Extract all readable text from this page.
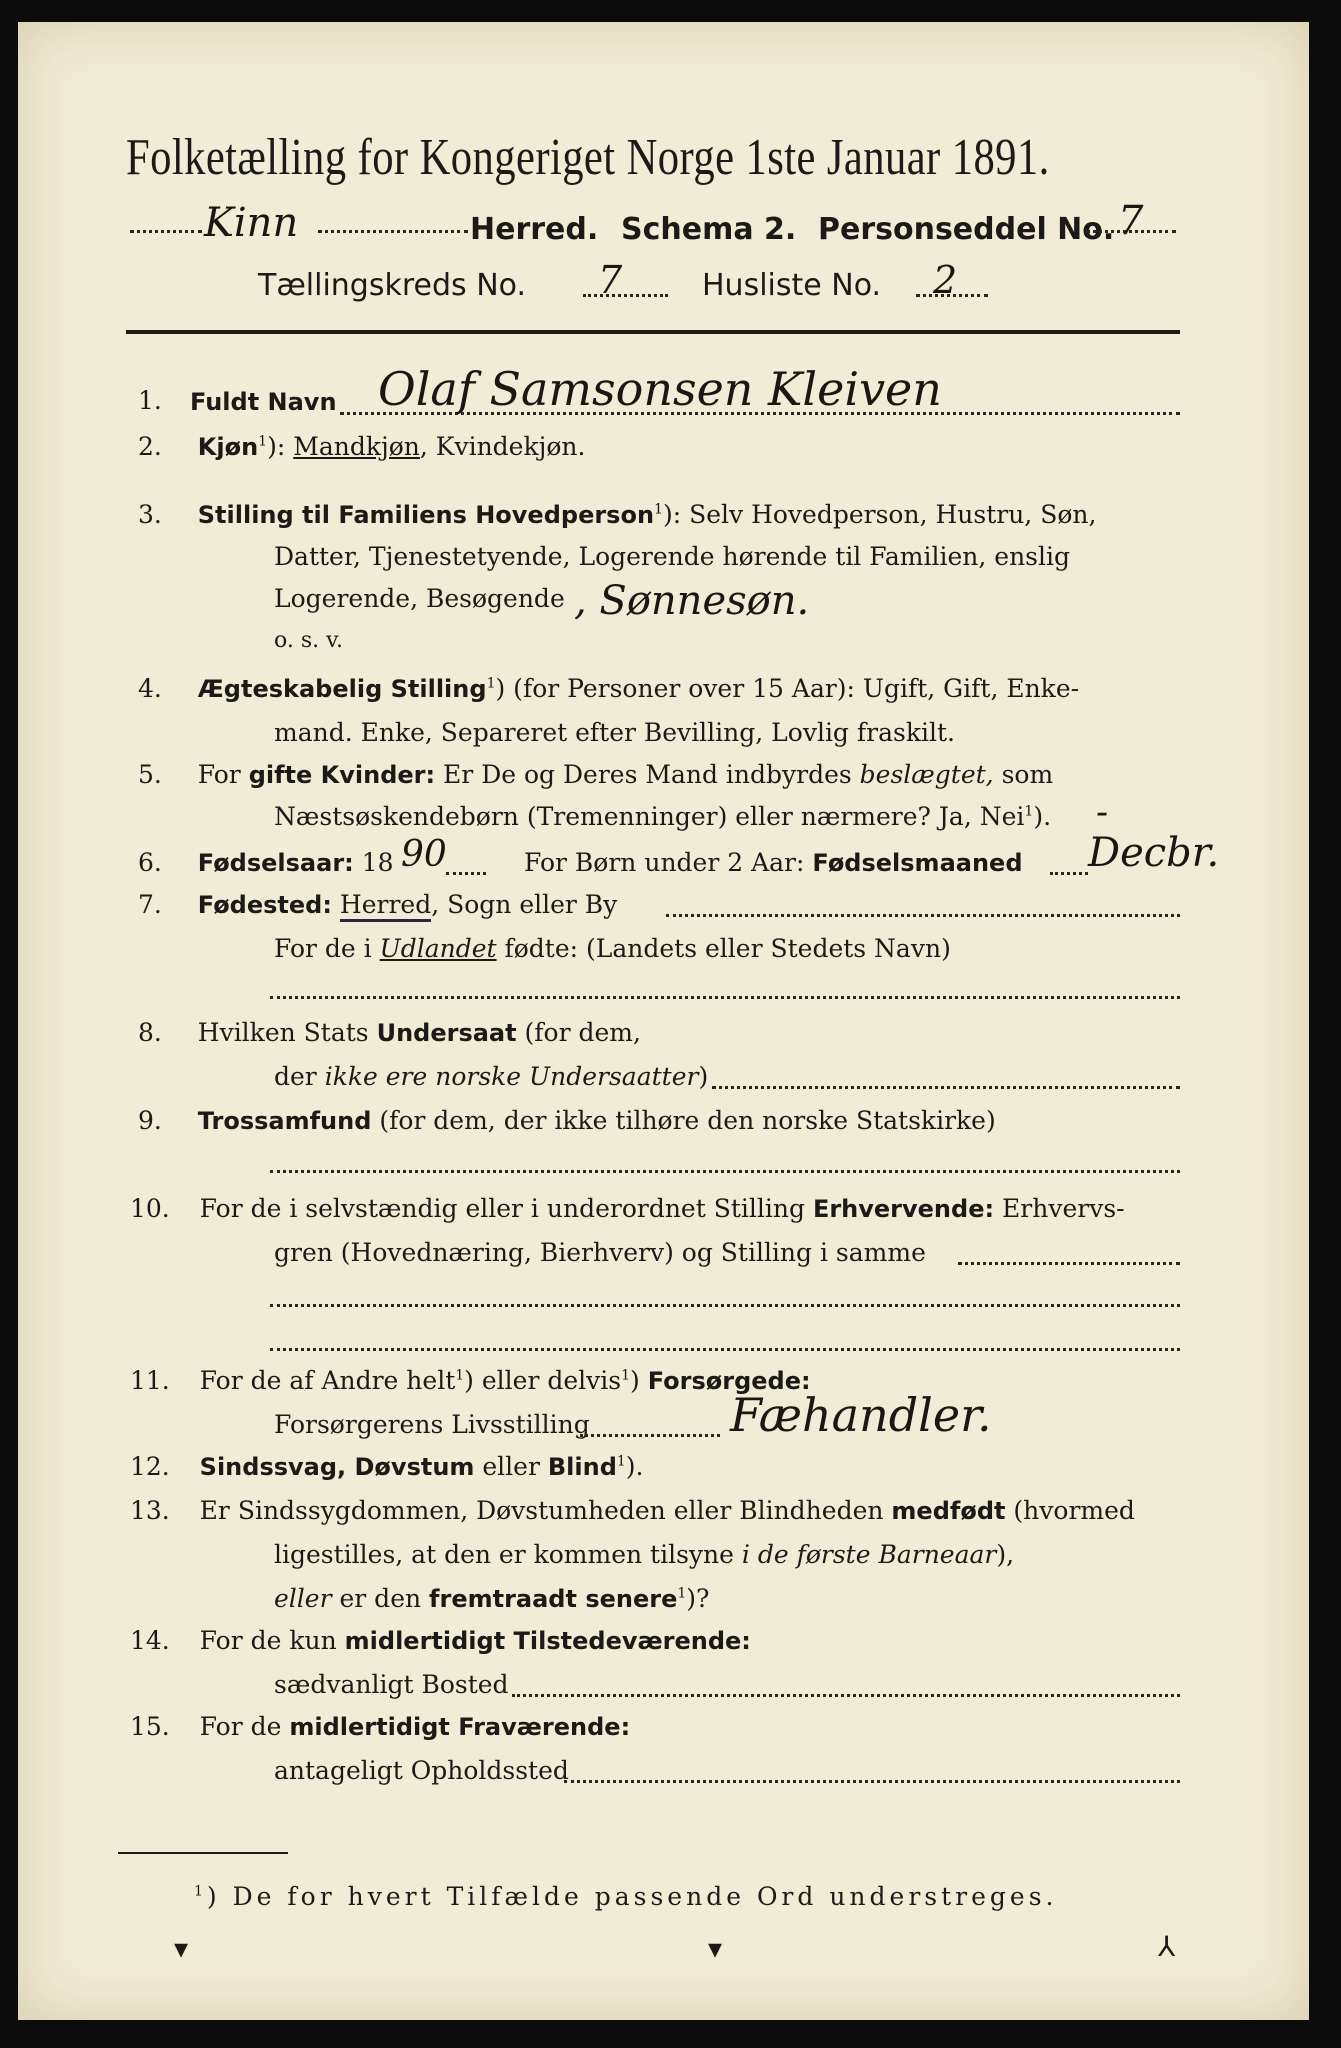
Folketælling for Kongeriget Norge 1ste Januar 1891.
Kinn	Herred. Schema 2. Personseddel No. 7
Tællingskreds No. 7	Husliste No. 2
1. Fuldt Navn Olaf Samsonsen Kleiven
2. Kjøn$^1$): Mandkjøn, Kvindekjøn.
3. Stilling til Familiens Hovedperson$^1$): Selv Hovedperson, Hustru, Søn,
Datter, Tjenestetyende, Logerende hørende til Familien, enslig
Logerende, Besøgende , Sønnesøn.
o. s. v.
4. Ægteskabelig Stilling$^1$) (for Personer over 15 Aar): Ugift, Gift, Enke-
mand. Enke, Separeret efter Bevilling, Lovlig fraskilt.
5. For gifte Kvinder: Er De og Deres Mand indbyrdes beslægtet, som
Næstsøskendebørn (Tremenninger) eller nærmere? Ja, Nei$^1$). -
6. Fødselsaar: 18 90	For Børn under 2 Aar: Fødselsmaaned Decbr.
7. Fødested: Herred, Sogn eller By
For de i Udlandet fødte: (Landets eller Stedets Navn)
8. Hvilken Stats Undersaat (for dem,
der ikke ere norske Undersaatter)
9. Trossamfund (for dem, der ikke tilhøre den norske Statskirke)
10. For de i selvstændig eller i underordnet Stilling Erhvervende: Erhvervs-
gren (Hovednæring, Bierhverv) og Stilling i samme
11. For de af Andre helt$^1$) eller delvis$^1$) Forsørgede:
Forsørgerens Livsstilling	Fæhandler.
12. Sindssvag, Døvstum eller Blind$^1$).
13. Er Sindssygdommen, Døvstumheden eller Blindheden medfødt (hvormed
ligestilles, at den er kommen tilsyne i de første Barneaar),
eller er den fremtraadt senere$^1$)?
14. For de kun midlertidigt Tilstedeværende:
sædvanligt Bosted
15. For de midlertidigt Fraværende:
antageligt Opholdssted
$^1$) De for hvert Tilfælde passende Ord understreges.
▾	▾	⅄
